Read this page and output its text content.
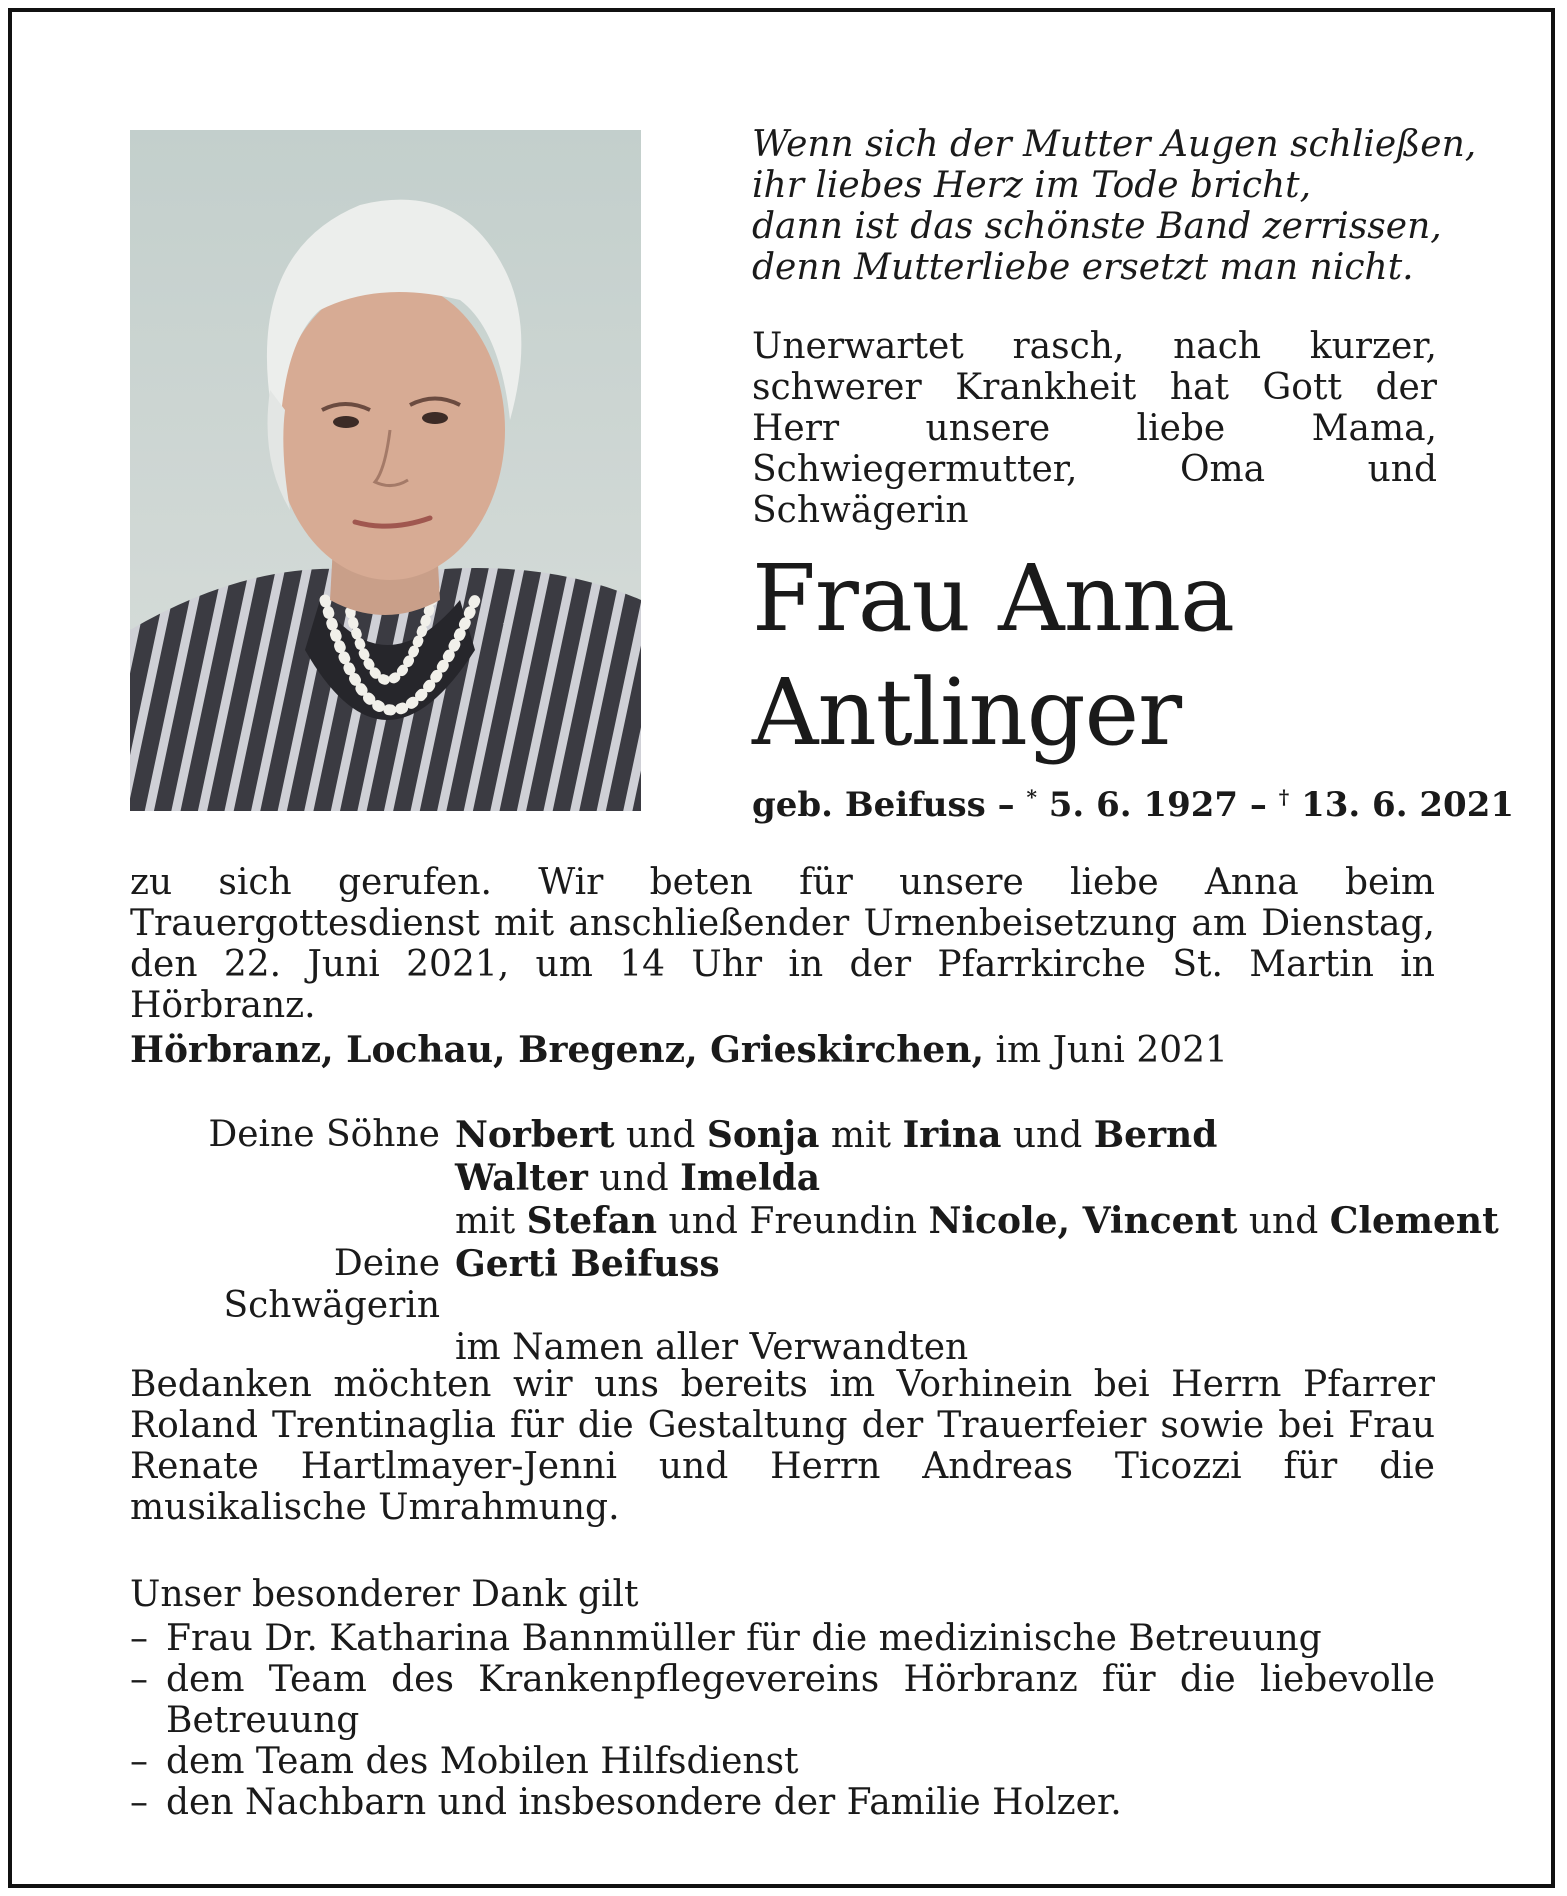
Wenn sich der Mutter Augen schließen,
ihr liebes Herz im Tode bricht,
dann ist das schönste Band zerrissen,
denn Mutterliebe ersetzt man nicht.
Unerwartet rasch, nach kurzer, schwerer Krankheit hat Gott der Herr unsere liebe Mama, Schwiegermutter, Oma und Schwägerin
Frau Anna
Antlinger
geb. Beifuss – * 5. 6. 1927 – † 13. 6. 2021
zu sich gerufen. Wir beten für unsere liebe Anna beim Trauergottesdienst mit anschließender Urnenbeisetzung am Dienstag, den 22. Juni 2021, um 14 Uhr in der Pfarrkirche St. Martin in Hörbranz.
Hörbranz, Lochau, Bregenz, Grieskirchen, im Juni 2021
Deine Söhne Norbert und Sonja mit Irina und Bernd
Walter und Imelda
mit Stefan und Freundin Nicole, Vincent und Clement
Deine Schwägerin
Gerti Beifuss
im Namen aller Verwandten
Bedanken möchten wir uns bereits im Vorhinein bei Herrn Pfarrer Roland Trentinaglia für die Gestaltung der Trauerfeier sowie bei Frau Renate Hartlmayer-Jenni und Herrn Andreas Ticozzi für die musikalische Umrahmung.
Unser besonderer Dank gilt
– Frau Dr. Katharina Bannmüller für die medizinische Betreuung
– dem Team des Krankenpflegevereins Hörbranz für die liebevolle Betreuung
– dem Team des Mobilen Hilfsdienst
– den Nachbarn und insbesondere der Familie Holzer.
